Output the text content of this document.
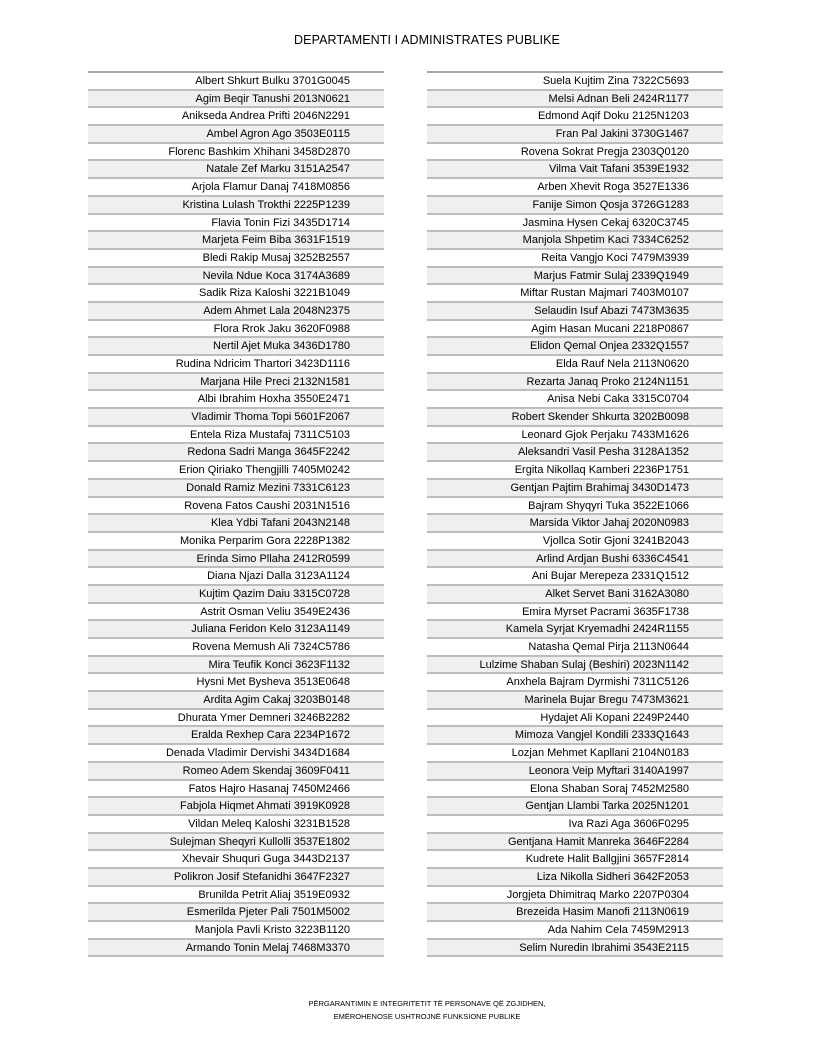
DEPARTAMENTI I ADMINISTRATES PUBLIKE
Albert Shkurt Bulku 3701G0045
Agim Beqir Tanushi 2013N0621
Anikseda Andrea Prifti 2046N2291
Ambel Agron Ago 3503E0115
Florenc Bashkim Xhihani 3458D2870
Natale Zef Marku 3151A2547
Arjola Flamur Danaj 7418M0856
Kristina Lulash Trokthi 2225P1239
Flavia Tonin Fizi 3435D1714
Marjeta Feim Biba 3631F1519
Bledi Rakip Musaj 3252B2557
Nevila Ndue Koca 3174A3689
Sadik Riza Kaloshi 3221B1049
Adem Ahmet Lala 2048N2375
Flora Rrok Jaku 3620F0988
Nertil Ajet Muka 3436D1780
Rudina Ndricim Thartori 3423D1116
Marjana Hile Preci 2132N1581
Albi Ibrahim Hoxha 3550E2471
Vladimir Thoma Topi 5601F2067
Entela Riza Mustafaj 7311C5103
Redona Sadri Manga 3645F2242
Erion Qiriako Thengjilli 7405M0242
Donald Ramiz Mezini 7331C6123
Rovena Fatos Caushi 2031N1516
Klea Ydbi Tafani 2043N2148
Monika Perparim Gora 2228P1382
Erinda Simo Pllaha 2412R0599
Diana Njazi Dalla 3123A1124
Kujtim Qazim Daiu 3315C0728
Astrit Osman Veliu 3549E2436
Juliana Feridon Kelo 3123A1149
Rovena Memush Ali 7324C5786
Mira Teufik Konci 3623F1132
Hysni Met Bysheva 3513E0648
Ardita Agim Cakaj 3203B0148
Dhurata Ymer Demneri 3246B2282
Eralda Rexhep Cara 2234P1672
Denada Vladimir Dervishi 3434D1684
Romeo Adem Skendaj 3609F0411
Fatos Hajro Hasanaj 7450M2466
Fabjola Hiqmet Ahmati 3919K0928
Vildan Meleq Kaloshi 3231B1528
Sulejman Sheqyri Kullolli 3537E1802
Xhevair Shuquri Guga 3443D2137
Polikron Josif Stefanidhi 3647F2327
Brunilda Petrit Aliaj 3519E0932
Esmerilda Pjeter Pali 7501M5002
Manjola Pavli Kristo 3223B1120
Armando Tonin Melaj 7468M3370
Suela Kujtim Zina 7322C5693
Melsi Adnan Beli 2424R1177
Edmond Aqif Doku 2125N1203
Fran Pal Jakini 3730G1467
Rovena Sokrat Pregja 2303Q0120
Vilma Vait Tafani 3539E1932
Arben Xhevit Roga 3527E1336
Fanije Simon Qosja 3726G1283
Jasmina Hysen Cekaj 6320C3745
Manjola Shpetim Kaci 7334C6252
Reita Vangjo Koci 7479M3939
Marjus Fatmir Sulaj 2339Q1949
Miftar Rustan Majmari 7403M0107
Selaudin Isuf Abazi 7473M3635
Agim Hasan Mucani 2218P0867
Elidon Qemal Onjea 2332Q1557
Elda Rauf Nela 2113N0620
Rezarta Janaq Proko 2124N1151
Anisa Nebi Caka 3315C0704
Robert Skender Shkurta 3202B0098
Leonard Gjok Perjaku 7433M1626
Aleksandri Vasil Pesha 3128A1352
Ergita Nikollaq Kamberi 2236P1751
Gentjan Pajtim Brahimaj 3430D1473
Bajram Shyqyri Tuka 3522E1066
Marsida Viktor Jahaj 2020N0983
Vjollca Sotir Gjoni 3241B2043
Arlind Ardjan Bushi 6336C4541
Ani Bujar Merepeza 2331Q1512
Alket Servet Bani 3162A3080
Emira Myrset Pacrami 3635F1738
Kamela Syrjat Kryemadhi 2424R1155
Natasha Qemal Pirja 2113N0644
Lulzime Shaban Sulaj (Beshiri) 2023N1142
Anxhela Bajram Dyrmishi 7311C5126
Marinela Bujar Bregu 7473M3621
Hydajet Ali Kopani 2249P2440
Mimoza Vangjel Kondili 2333Q1643
Lozjan Mehmet Kapllani 2104N0183
Leonora Veip Myftari 3140A1997
Elona Shaban Soraj 7452M2580
Gentjan Llambi Tarka 2025N1201
Iva Razi Aga 3606F0295
Gentjana Hamit Manreka 3646F2284
Kudrete Halit Ballgjini 3657F2814
Liza Nikolla Sidheri 3642F2053
Jorgjeta Dhimitraq Marko 2207P0304
Brezeida Hasim Manofi 2113N0619
Ada Nahim Cela 7459M2913
Selim Nuredin Ibrahimi 3543E2115
PËRGARANTIMIN E INTEGRITETIT TË PERSONAVE QË ZGJIDHEN,
EMËROHENOSE USHTROJNË FUNKSIONE PUBLIKE
